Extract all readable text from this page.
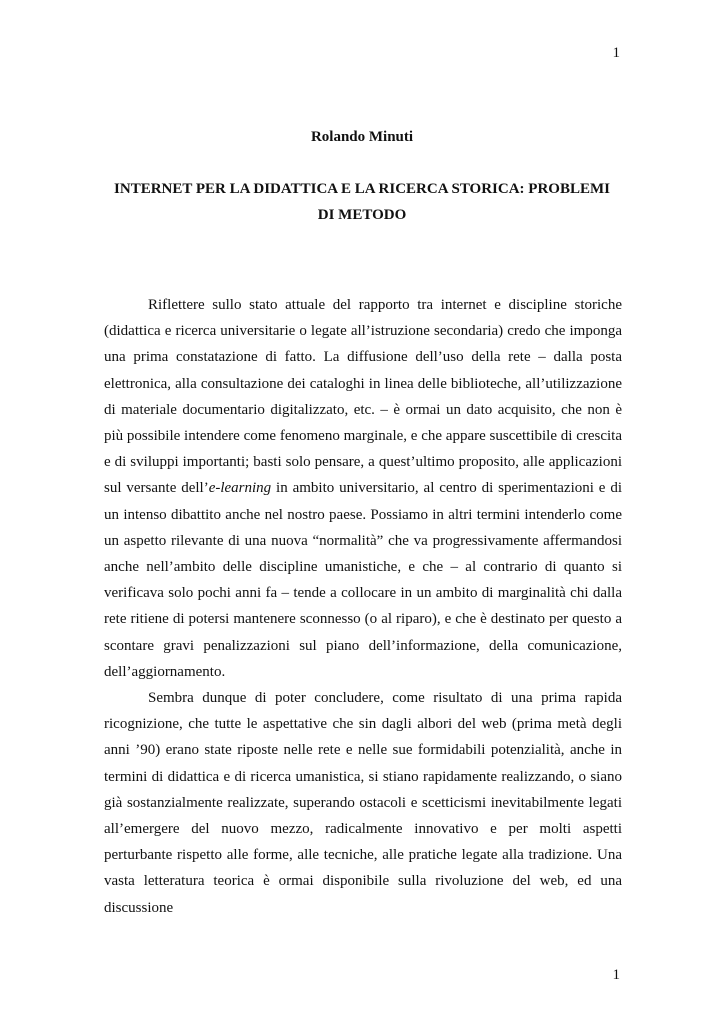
1
Rolando Minuti
INTERNET PER LA DIDATTICA E LA RICERCA STORICA: PROBLEMI DI METODO

Riflettere sullo stato attuale del rapporto tra internet e discipline storiche (didattica e ricerca universitarie o legate all’istruzione secondaria) credo che imponga una prima constatazione di fatto. La diffusione dell’uso della rete – dalla posta elettronica, alla consultazione dei cataloghi in linea delle biblioteche, all’utilizzazione di materiale documentario digitalizzato, etc. – è ormai un dato acquisito, che non è più possibile intendere come fenomeno marginale, e che appare suscettibile di crescita e di sviluppi importanti; basti solo pensare, a quest’ultimo proposito, alle applicazioni sul versante dell’e-learning in ambito universitario, al centro di sperimentazioni e di un intenso dibattito anche nel nostro paese. Possiamo in altri termini intenderlo come un aspetto rilevante di una nuova “normalità” che va progressivamente affermandosi anche nell’ambito delle discipline umanistiche, e che – al contrario di quanto si verificava solo pochi anni fa – tende a collocare in un ambito di marginalità chi dalla rete ritiene di potersi mantenere sconnesso (o al riparo), e che è destinato per questo a scontare gravi penalizzazioni sul piano dell’informazione, della comunicazione, dell’aggiornamento.

Sembra dunque di poter concludere, come risultato di una prima rapida ricognizione, che tutte le aspettative che sin dagli albori del web (prima metà degli anni ’90) erano state riposte nelle rete e nelle sue formidabili potenzialità, anche in termini di didattica e di ricerca umanistica, si stiano rapidamente realizzando, o siano già sostanzialmente realizzate, superando ostacoli e scetticismi inevitabilmente legati all’emergere del nuovo mezzo, radicalmente innovativo e per molti aspetti perturbante rispetto alle forme, alle tecniche, alle pratiche legate alla tradizione. Una vasta letteratura teorica è ormai disponibile sulla rivoluzione del web, ed una discussione

1
